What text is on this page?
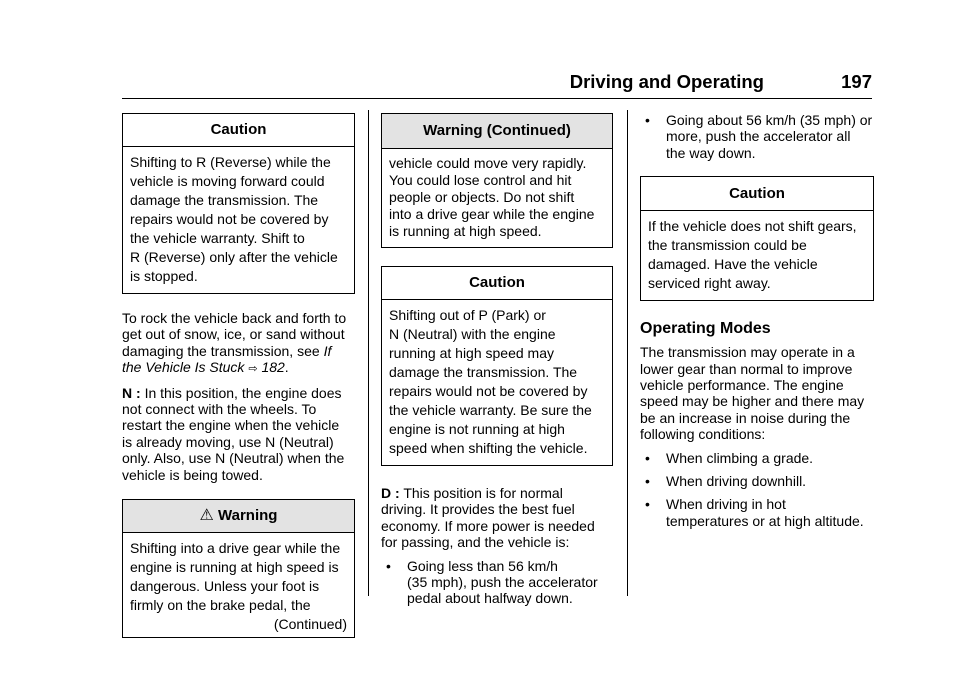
Driving and Operating	197
Caution
Shifting to R (Reverse) while the
vehicle is moving forward could
damage the transmission. The
repairs would not be covered by
the vehicle warranty. Shift to
R (Reverse) only after the vehicle
is stopped.
To rock the vehicle back and forth to
get out of snow, ice, or sand without
damaging the transmission, see If
the Vehicle Is Stuck ⇨ 182.
N : In this position, the engine does
not connect with the wheels. To
restart the engine when the vehicle
is already moving, use N (Neutral)
only. Also, use N (Neutral) when the
vehicle is being towed.
⚠ Warning
Shifting into a drive gear while the
engine is running at high speed is
dangerous. Unless your foot is
firmly on the brake pedal, the
(Continued)
Warning (Continued)
vehicle could move very rapidly.
You could lose control and hit
people or objects. Do not shift
into a drive gear while the engine
is running at high speed.
Caution
Shifting out of P (Park) or
N (Neutral) with the engine
running at high speed may
damage the transmission. The
repairs would not be covered by
the vehicle warranty. Be sure the
engine is not running at high
speed when shifting the vehicle.
D : This position is for normal
driving. It provides the best fuel
economy. If more power is needed
for passing, and the vehicle is:
• Going less than 56 km/h
(35 mph), push the accelerator
pedal about halfway down.
• Going about 56 km/h (35 mph) or
more, push the accelerator all
the way down.
Caution
If the vehicle does not shift gears,
the transmission could be
damaged. Have the vehicle
serviced right away.
Operating Modes
The transmission may operate in a
lower gear than normal to improve
vehicle performance. The engine
speed may be higher and there may
be an increase in noise during the
following conditions:
• When climbing a grade.
• When driving downhill.
• When driving in hot
temperatures or at high altitude.
